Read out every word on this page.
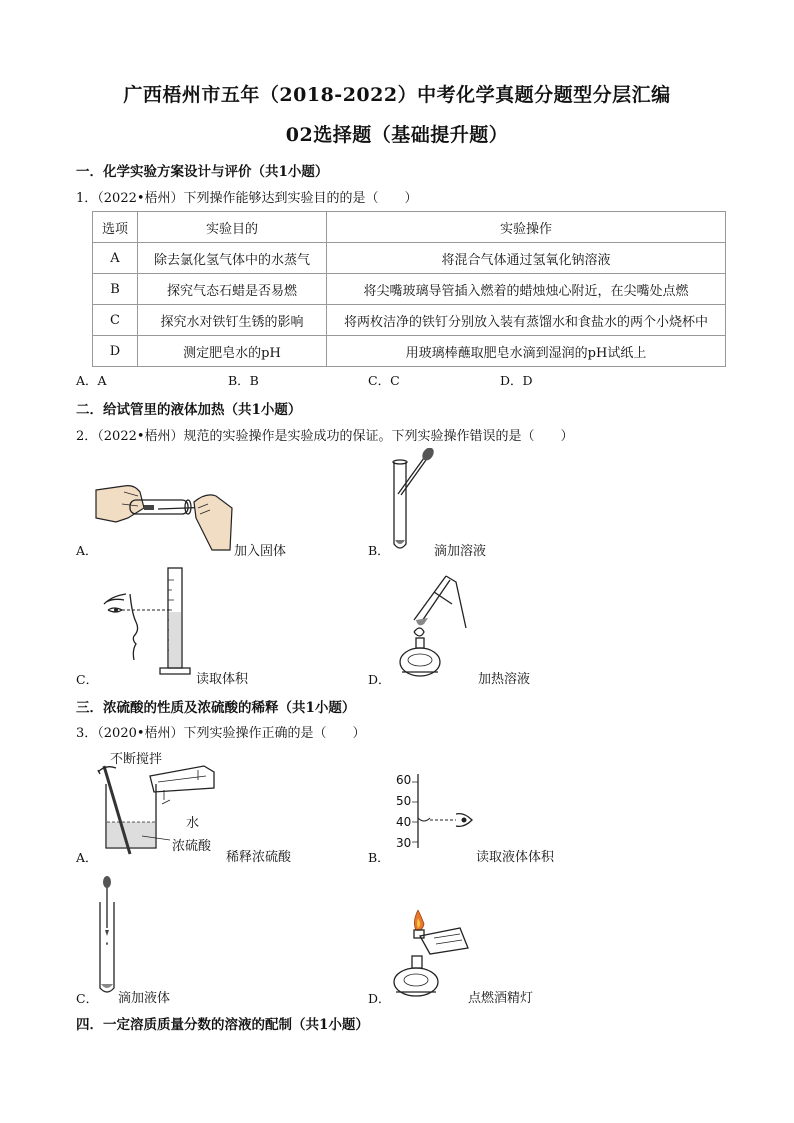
广西梧州市五年（2018-2022）中考化学真题分题型分层汇编
02选择题（基础提升题）
一．化学实验方案设计与评价（共1小题）
1．（2022•梧州）下列操作能够达到实验目的的是（　　）
选项	实验目的	实验操作
A	除去氯化氢气体中的水蒸气	将混合气体通过氢氧化钠溶液
B	探究气态石蜡是否易燃	将尖嘴玻璃导管插入燃着的蜡烛烛心附近，在尖嘴处点燃
C	探究水对铁钉生锈的影响	将两枚洁净的铁钉分别放入装有蒸馏水和食盐水的两个小烧杯中
D	测定肥皂水的pH	用玻璃棒蘸取肥皂水滴到湿润的pH试纸上
A．A	B．B	C．C	D．D
二．给试管里的液体加热（共1小题）
2．（2022•梧州）规范的实验操作是实验成功的保证。下列实验操作错误的是（　　）
A．	加入固体	B．	滴加溶液
C．	读取体积	D．	加热溶液
三．浓硫酸的性质及浓硫酸的稀释（共1小题）
3．（2020•梧州）下列实验操作正确的是（　　）
不断搅拌
水
浓硫酸
A．	稀释浓硫酸
60
50
40
30
B．	读取液体体积
C． 滴加液体	D．	点燃酒精灯
四．一定溶质质量分数的溶液的配制（共1小题）
